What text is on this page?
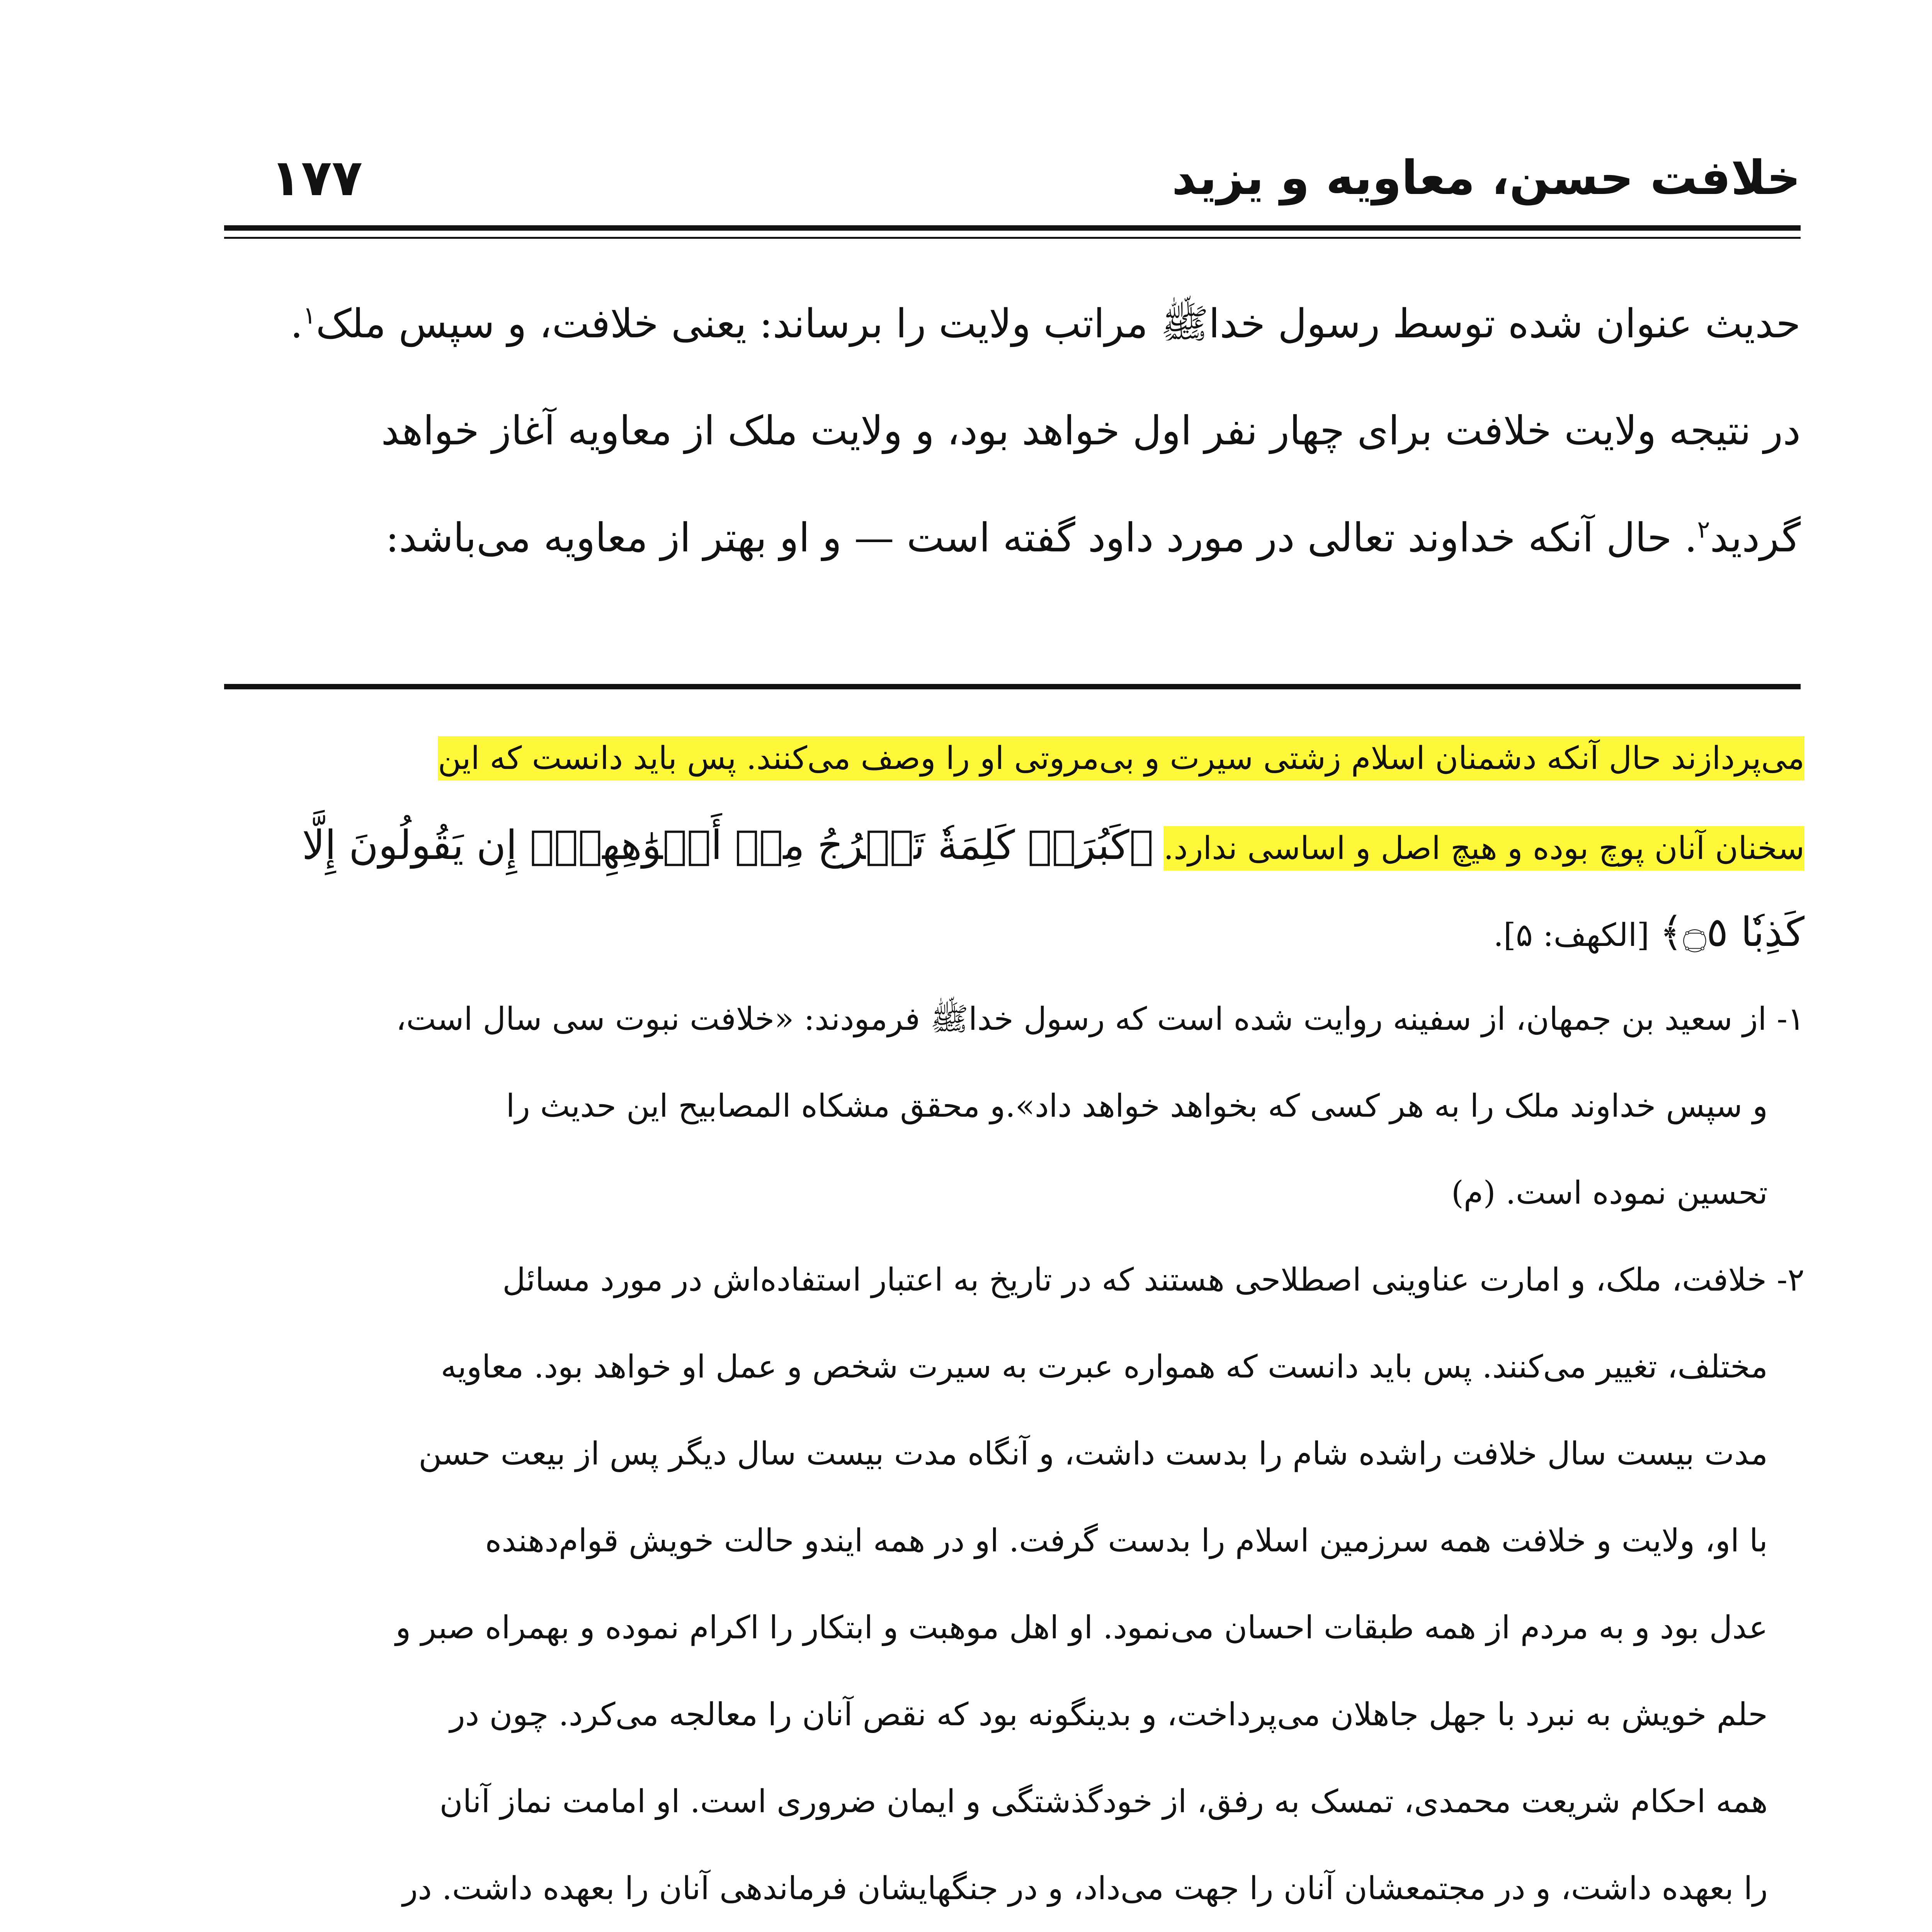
خلافت حسن، معاویه و یزید
۱۷۷
حدیث عنوان شده توسط رسول خداﷺ مراتب ولایت را برساند: یعنی خلافت، و سپس ملک$^۱$.
در نتیجه ولایت خلافت برای چهار نفر اول خواهد بود، و ولایت ملک از معاویه آغاز خواهد
گردید$^۲$. حال آنکه خداوند تعالی در مورد داود گفته است — و او بهتر از معاویه می‌باشد:
می‌پردازند حال آنکه دشمنان اسلام زشتی سیرت و بی‌مروتی او را وصف می‌کنند. پس باید دانست که این
سخنان آنان پوچ بوده و هیچ اصل و اساسی ندارد. ﴿كَبُرَتۡ كَلِمَةٗ تَخۡرُجُ مِنۡ أَفۡوَٰهِهِمۡۚ إِن يَقُولُونَ إِلَّا
كَذِبٗا ۝٥﴾ [الکهف: ۵].
۱- از سعید بن جمهان، از سفینه روایت شده است که رسول خداﷺ فرمودند: «خلافت نبوت سی سال است،
و سپس خداوند ملک را به هر کسی که بخواهد خواهد داد».و محقق مشکاه المصابیح این حدیث را
تحسین نموده است. (م)
۲- خلافت، ملک، و امارت عناوینی اصطلاحی هستند که در تاریخ به اعتبار استفاده‌اش در مورد مسائل
مختلف، تغییر می‌کنند. پس باید دانست که همواره عبرت به سیرت شخص و عمل او خواهد بود. معاویه
مدت بیست سال خلافت راشده شام را بدست داشت، و آنگاه مدت بیست سال دیگر پس از بیعت حسن
با او، ولایت و خلافت همه سرزمین اسلام را بدست گرفت. او در همه ایندو حالت خویش قوام‌دهنده
عدل بود و به مردم از همه طبقات احسان می‌نمود. او اهل موهبت و ابتکار را اکرام نموده و بهمراه صبر و
حلم خویش به نبرد با جهل جاهلان می‌پرداخت، و بدینگونه بود که نقص آنان را معالجه می‌کرد. چون در
همه احکام شریعت محمدی، تمسک به رفق، از خودگذشتگی و ایمان ضروری است. او امامت نماز آنان
را بعهده داشت، و در مجتمعشان آنان را جهت می‌داد، و در جنگهایشان فرماندهی آنان را بعهده داشت. در
